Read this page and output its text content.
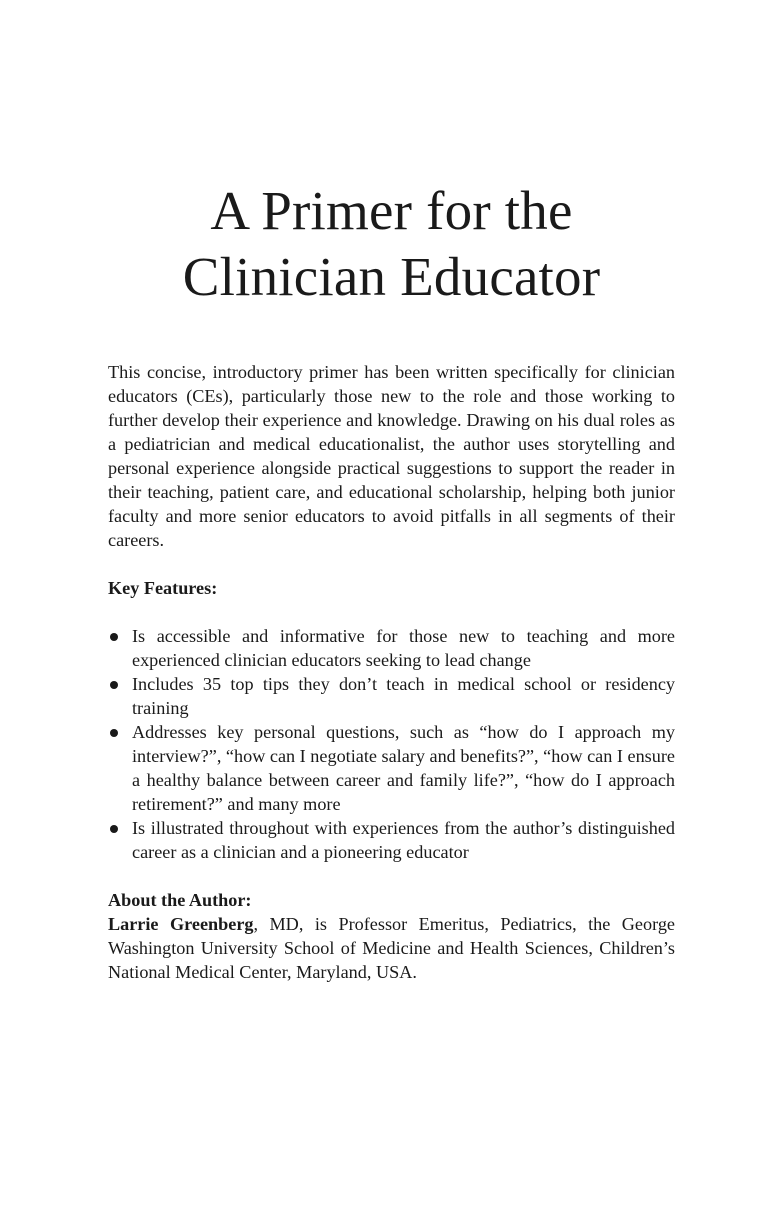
A Primer for the
Clinician Educator

This concise, introductory primer has been written specifically for clinician educators (CEs), particularly those new to the role and those working to further develop their experience and knowledge. Drawing on his dual roles as a pediatrician and medical educationalist, the author uses storytelling and personal experience alongside practical suggestions to support the reader in their teaching, patient care, and educational scholarship, helping both junior faculty and more senior educators to avoid pitfalls in all segments of their careers.

Key Features:

Is accessible and informative for those new to teaching and more experienced clinician educators seeking to lead change
Includes 35 top tips they don’t teach in medical school or residency training
Addresses key personal questions, such as “how do I approach my interview?”, “how can I negotiate salary and benefits?”, “how can I ensure a healthy balance between career and family life?”, “how do I approach retirement?” and many more
Is illustrated throughout with experiences from the author’s distinguished career as a clinician and a pioneering educator

About the Author:

Larrie Greenberg, MD, is Professor Emeritus, Pediatrics, the George Washington University School of Medicine and Health Sciences, Children’s National Medical Center, Maryland, USA.
